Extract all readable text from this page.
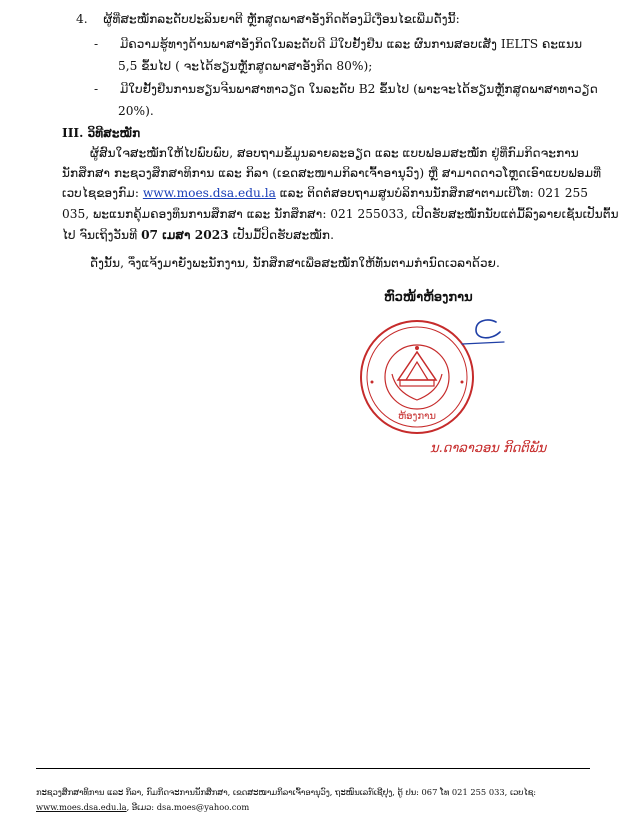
4. ຜູ້ທີ່ສະໝັກລະດັບປະລິນຍາຕີ ຫຼັກສູດພາສາອັງກິດຕ້ອງມີເງື່ອນໄຂເພີ່ມດັ່ງນີ້:
- ມີຄວາມຮູ້ທາງດ້ານພາສາອັງກິດໃນລະດັບດີ ມີໃບຢັ້ງຢືນ ແລະ ຜົນການສອບເສັງ IELTS ຄະແນນ
5,5 ຂຶ້ນໄປ ( ຈະໄດ້ຮຽນຫຼັກສູດພາສາອັງກິດ 80%);
- ມີໃບຢັ້ງຢືນການຮຽນຈີນພາສາທາວຽດ ໃນລະດັບ B2 ຂຶ້ນໄປ (ພາະຈະໄດ້ຮຽນຫຼັກສູດພາສາທາວຽດ
20%).
III. ວິທີສະໝັກ
ຜູ້ສົນໃຈສະໝັກໃຫ້ໄປພົບພົບ, ສອບຖາມຂໍ້ມູນລາຍລະອຽດ ແລະ ແບບຟອມສະໝັກ ຢູ່ທີ່ກົມກິດຈະການ
ນັກສຶກສາ ກະຊວງສຶກສາທິການ ແລະ ກິລາ (ເຂດສະໜາມກິລາເຈົ້າອານຸວົງ) ຫຼື ສາມາດດາວໂຫຼດເອົາແບບຟອມທີ່
ເວບໄຊຂອງກົມ: www.moes.dsa.edu.la ແລະ ຕິດຕໍ່ສອບຖາມສູນບໍລິການນັກສຶກສາຕາມເບີໂທ: 021 255
035, ພະແນກຄຸ້ມຄອງທຶນການສຶກສາ ແລະ ນັກສຶກສາ: 021 255033, ເປີດຮັບສະໝັກນັບແຕ່ມື້ລົງລາຍເຊັນເປັນຕົ້ນ
ໄປ ຈົນເຖິງວັນທີ 07 ເມສາ 2023 ເປັນມື້ປິດຮັບສະໝັກ.
ດັ່ງນັ້ນ, ຈຶ່ງແຈ້ງມາຍັງພະນັກງານ, ນັກສຶກສາເພື່ອສະໝັກໃຫ້ທັນຕາມກໍານົດເວລາດ້ວຍ.
ຫົວໜ້າຫ້ອງການ
ຫ້ອງການ
ນ.ດາລາວອນ ກິດຕິພັນ
ກະຊວງສຶກສາທິການ ແລະ ກິລາ, ກົມກິດຈະການນັກສຶກສາ, ເຂດສະໜາມກິລາເຈົ້າອານຸວົງ, ຖະໜົນເລກ໌ເຊີຢຸງ, ຕູ້ ປນ: 067 ໂທ 021 255 033, ເວບໄຊ:
www.moes.dsa.edu.la, ອີເມວ: dsa.moes@yahoo.com
